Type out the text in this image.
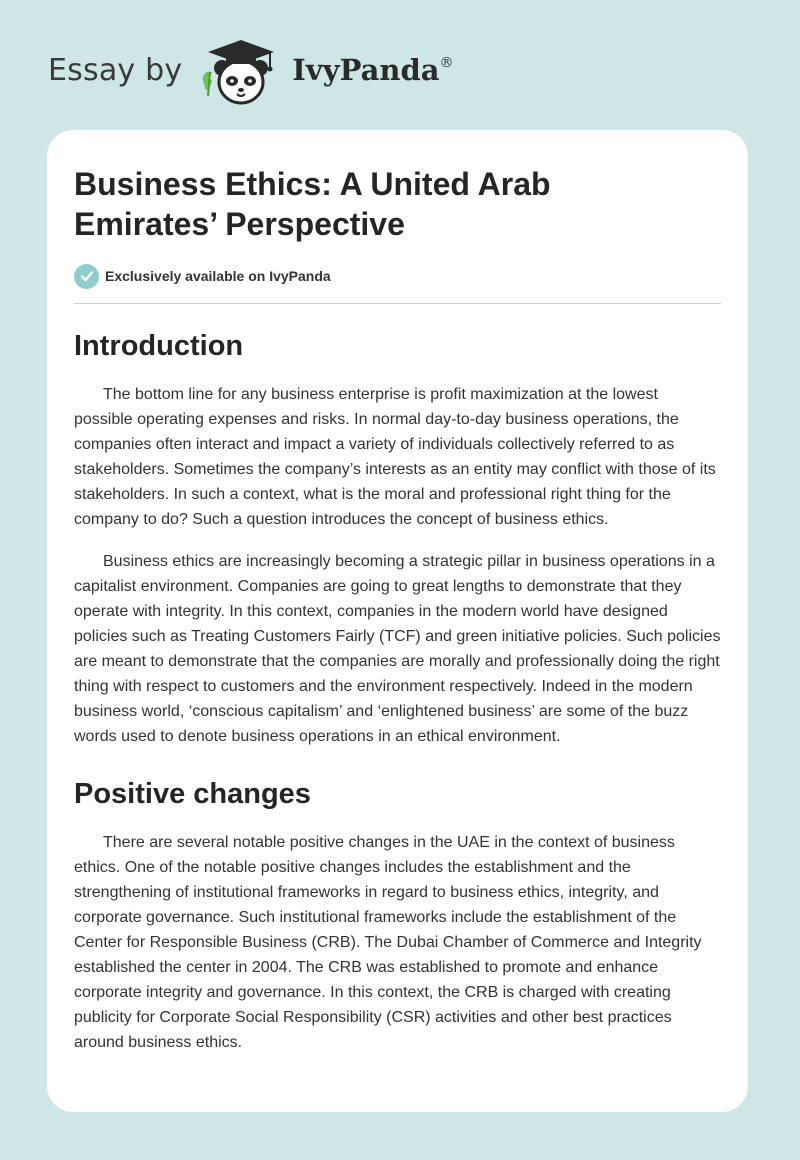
Essay by	IvyPanda®
Business Ethics: A United Arab Emirates’ Perspective
Exclusively available on IvyPanda
Introduction

The bottom line for any business enterprise is profit maximization at the lowest possible operating expenses and risks. In normal day-to-day business operations, the companies often interact and impact a variety of individuals collectively referred to as stakeholders. Sometimes the company’s interests as an entity may conflict with those of its stakeholders. In such a context, what is the moral and professional right thing for the company to do? Such a question introduces the concept of business ethics.

Business ethics are increasingly becoming a strategic pillar in business operations in a capitalist environment. Companies are going to great lengths to demonstrate that they operate with integrity. In this context, companies in the modern world have designed policies such as Treating Customers Fairly (TCF) and green initiative policies. Such policies are meant to demonstrate that the companies are morally and professionally doing the right thing with respect to customers and the environment respectively. Indeed in the modern business world, ‘conscious capitalism’ and ‘enlightened business’ are some of the buzz words used to denote business operations in an ethical environment.

Positive changes

There are several notable positive changes in the UAE in the context of business ethics. One of the notable positive changes includes the establishment and the strengthening of institutional frameworks in regard to business ethics, integrity, and corporate governance. Such institutional frameworks include the establishment of the Center for Responsible Business (CRB). The Dubai Chamber of Commerce and Integrity established the center in 2004. The CRB was established to promote and enhance corporate integrity and governance. In this context, the CRB is charged with creating publicity for Corporate Social Responsibility (CSR) activities and other best practices around business ethics.
